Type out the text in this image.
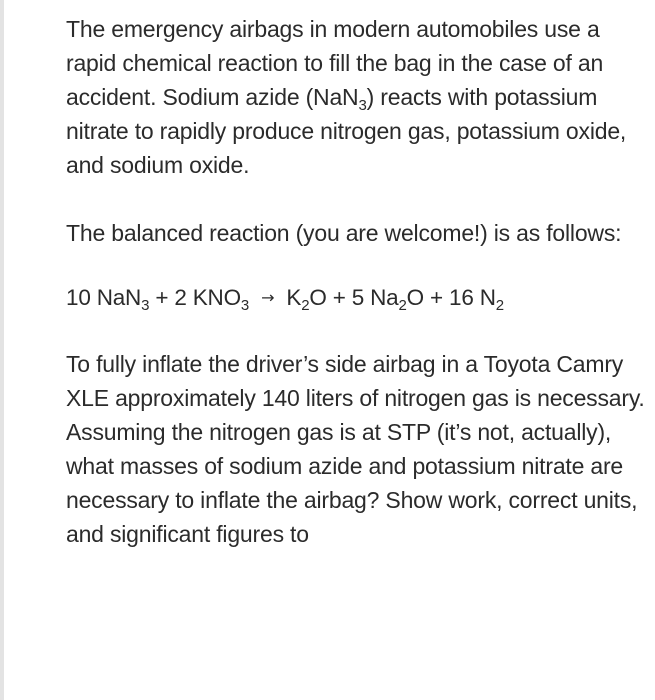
The emergency airbags in modern automobiles use a rapid chemical reaction to fill the bag in the case of an accident. Sodium azide (NaN$_3$) reacts with potassium nitrate to rapidly produce nitrogen gas, potassium oxide, and sodium oxide.

The balanced reaction (you are welcome!) is as follows:

10 NaN$_3$ + 2 $KNO_3 \to K_2O + 5$ $Na_2O + 16$ $N_2$

To fully inflate the driver’s side airbag in a Toyota Camry XLE approximately 140 liters of nitrogen gas is necessary. Assuming the nitrogen gas is at STP (it’s not, actually), what masses of sodium azide and potassium nitrate are necessary to inflate the airbag? Show work, correct units, and significant figures to
